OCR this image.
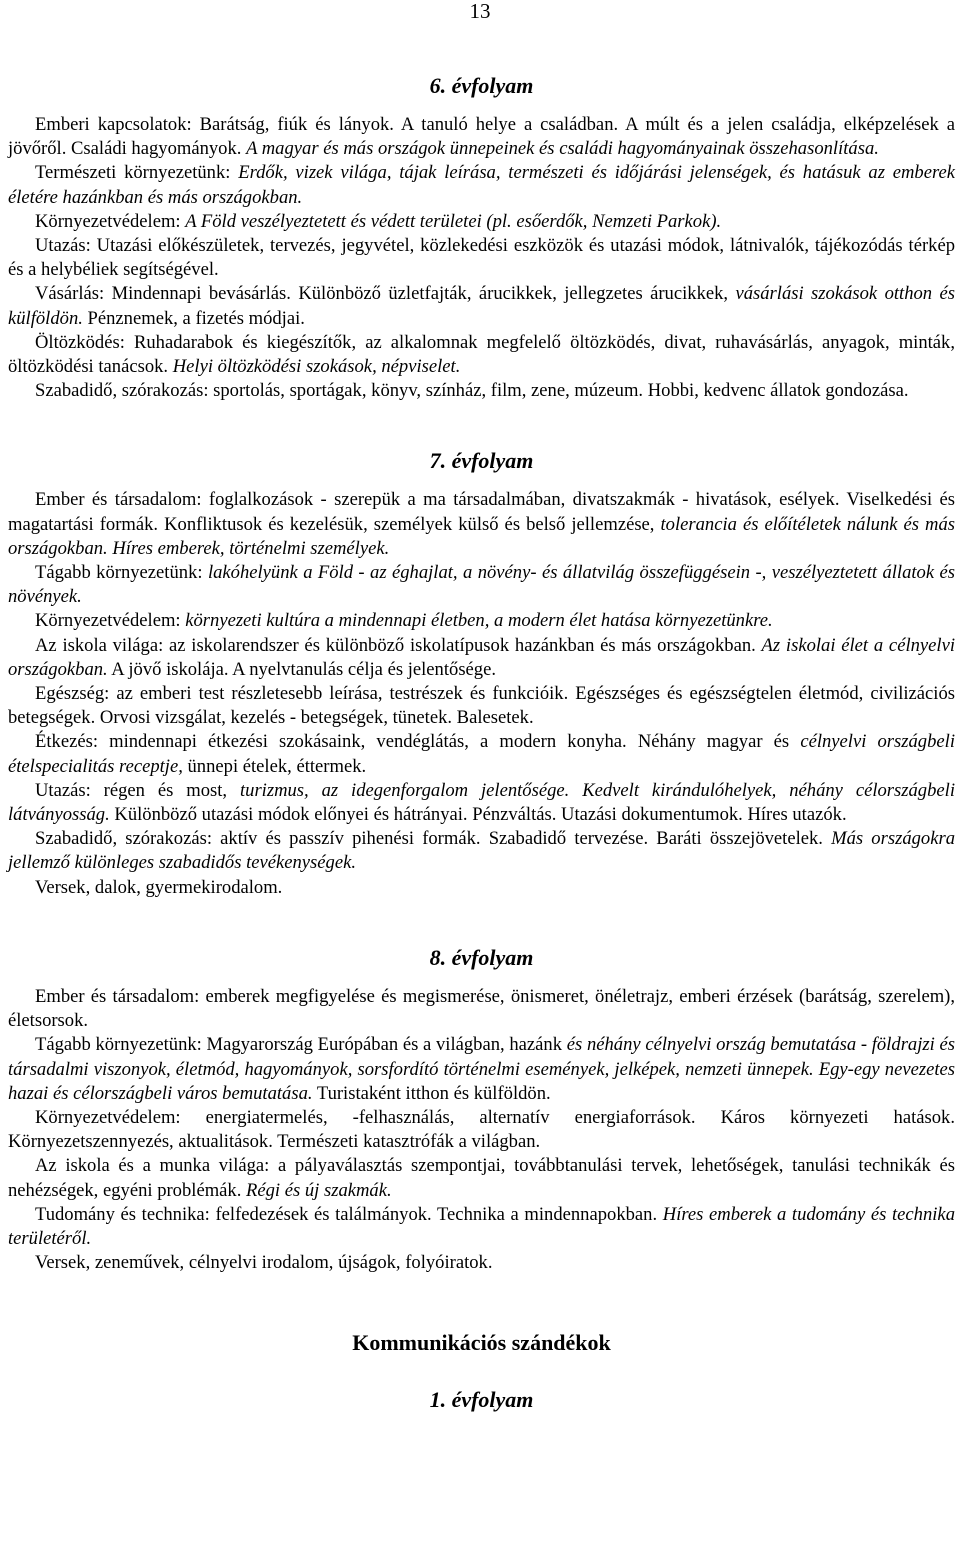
13
6. évfolyam

Emberi kapcsolatok: Barátság, fiúk és lányok. A tanuló helye a családban. A múlt és a jelen családja, elképzelések a jövőről. Családi hagyományok. A magyar és más országok ünnepeinek és családi hagyományainak összehasonlítása.

Természeti környezetünk: Erdők, vizek világa, tájak leírása, természeti és időjárási jelenségek, és hatásuk az emberek életére hazánkban és más országokban.

Környezetvédelem: A Föld veszélyeztetett és védett területei (pl. esőerdők, Nemzeti Parkok).

Utazás: Utazási előkészületek, tervezés, jegyvétel, közlekedési eszközök és utazási módok, látnivalók, tájékozódás térkép és a helybéliek segítségével.

Vásárlás: Mindennapi bevásárlás. Különböző üzletfajták, árucikkek, jellegzetes árucikkek, vásárlási szokások otthon és külföldön. Pénznemek, a fizetés módjai.

Öltözködés: Ruhadarabok és kiegészítők, az alkalomnak megfelelő öltözködés, divat, ruhavásárlás, anyagok, minták, öltözködési tanácsok. Helyi öltözködési szokások, népviselet.

Szabadidő, szórakozás: sportolás, sportágak, könyv, színház, film, zene, múzeum. Hobbi, kedvenc állatok gondozása.

7. évfolyam

Ember és társadalom: foglalkozások - szerepük a ma társadalmában, divatszakmák - hivatások, esélyek. Viselkedési és magatartási formák. Konfliktusok és kezelésük, személyek külső és belső jellemzése, tolerancia és előítéletek nálunk és más országokban. Híres emberek, történelmi személyek.

Tágabb környezetünk: lakóhelyünk a Föld - az éghajlat, a növény- és állatvilág összefüggésein -, veszélyeztetett állatok és növények.

Környezetvédelem: környezeti kultúra a mindennapi életben, a modern élet hatása környezetünkre.

Az iskola világa: az iskolarendszer és különböző iskolatípusok hazánkban és más országokban. Az iskolai élet a célnyelvi országokban. A jövő iskolája. A nyelvtanulás célja és jelentősége.

Egészség: az emberi test részletesebb leírása, testrészek és funkcióik. Egészséges és egészségtelen életmód, civilizációs betegségek. Orvosi vizsgálat, kezelés - betegségek, tünetek. Balesetek.

Étkezés: mindennapi étkezési szokásaink, vendéglátás, a modern konyha. Néhány magyar és célnyelvi országbeli ételspecialitás receptje, ünnepi ételek, éttermek.

Utazás: régen és most, turizmus, az idegenforgalom jelentősége. Kedvelt kirándulóhelyek, néhány célországbeli látványosság. Különböző utazási módok előnyei és hátrányai. Pénzváltás. Utazási dokumentumok. Híres utazók.

Szabadidő, szórakozás: aktív és passzív pihenési formák. Szabadidő tervezése. Baráti összejövetelek. Más országokra jellemző különleges szabadidős tevékenységek.

Versek, dalok, gyermekirodalom.

8. évfolyam

Ember és társadalom: emberek megfigyelése és megismerése, önismeret, önéletrajz, emberi érzések (barátság, szerelem), életsorsok.

Tágabb környezetünk: Magyarország Európában és a világban, hazánk és néhány célnyelvi ország bemutatása - földrajzi és társadalmi viszonyok, életmód, hagyományok, sorsfordító történelmi események, jelképek, nemzeti ünnepek. Egy-egy nevezetes hazai és célországbeli város bemutatása. Turistaként itthon és külföldön.

Környezetvédelem: energiatermelés, -felhasználás, alternatív energiaforrások. Káros környezeti hatások. Környezetszennyezés, aktualitások. Természeti katasztrófák a világban.

Az iskola és a munka világa: a pályaválasztás szempontjai, továbbtanulási tervek, lehetőségek, tanulási technikák és nehézségek, egyéni problémák. Régi és új szakmák.

Tudomány és technika: felfedezések és találmányok. Technika a mindennapokban. Híres emberek a tudomány és technika területéről.

Versek, zeneművek, célnyelvi irodalom, újságok, folyóiratok.

Kommunikációs szándékok
1. évfolyam
